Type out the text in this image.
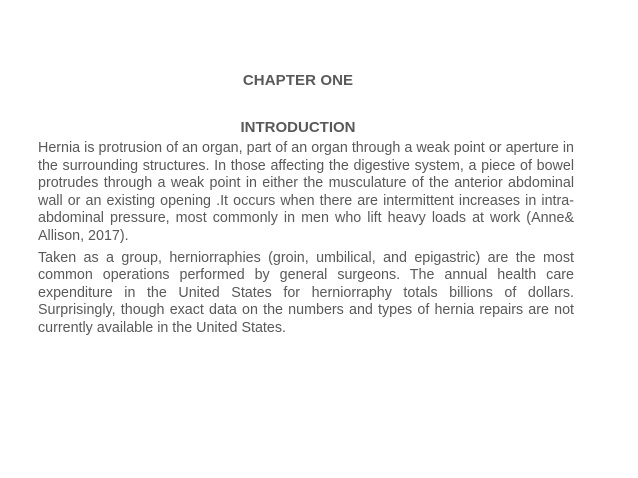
CHAPTER ONE
INTRODUCTION

Hernia is protrusion of an organ, part of an organ through a weak point or aperture in the surrounding structures. In those affecting the digestive system, a piece of bowel protrudes through a weak point in either the musculature of the anterior abdominal wall or an existing opening .It occurs when there are intermittent increases in intra-abdominal pressure, most commonly in men who lift heavy loads at work (Anne& Allison, 2017).

Taken as a group, herniorraphies (groin, umbilical, and epigastric) are the most common operations performed by general surgeons. The annual health care expenditure in the United States for herniorraphy totals billions of dollars. Surprisingly, though exact data on the numbers and types of hernia repairs are not currently available in the United States.
